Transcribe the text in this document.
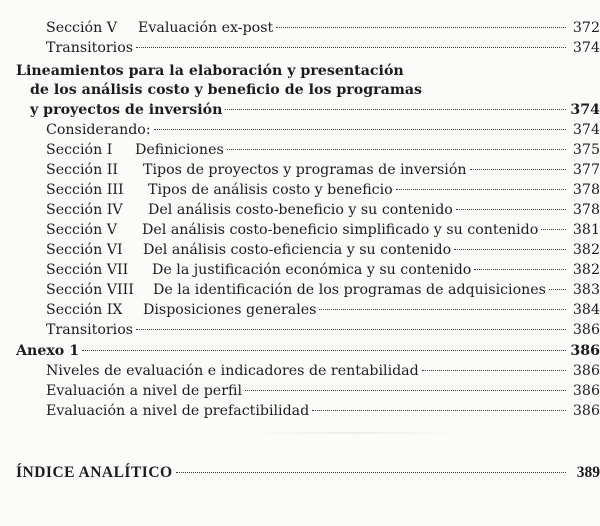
Sección V Evaluación ex-post	372
Transitorios	374
Lineamientos para la elaboración y presentación
de los análisis costo y beneficio de los programas
y proyectos de inversión	374
Considerando:	374
Sección I Definiciones	375
Sección II Tipos de proyectos y programas de inversión	377
Sección III Tipos de análisis costo y beneficio	378
Sección IV Del análisis costo-beneficio y su contenido	378
Sección V Del análisis costo-beneficio simplificado y su contenido 381
Sección VI Del análisis costo-eficiencia y su contenido	382
Sección VII De la justificación económica y su contenido	382
Sección VIII De la identificación de los programas de adquisiciones 383
Sección IX Disposiciones generales	384
Transitorios	386
Anexo 1	386
Niveles de evaluación e indicadores de rentabilidad	386
Evaluación a nivel de perfil	386
Evaluación a nivel de prefactibilidad	386
ÍNDICE ANALÍTICO	389
